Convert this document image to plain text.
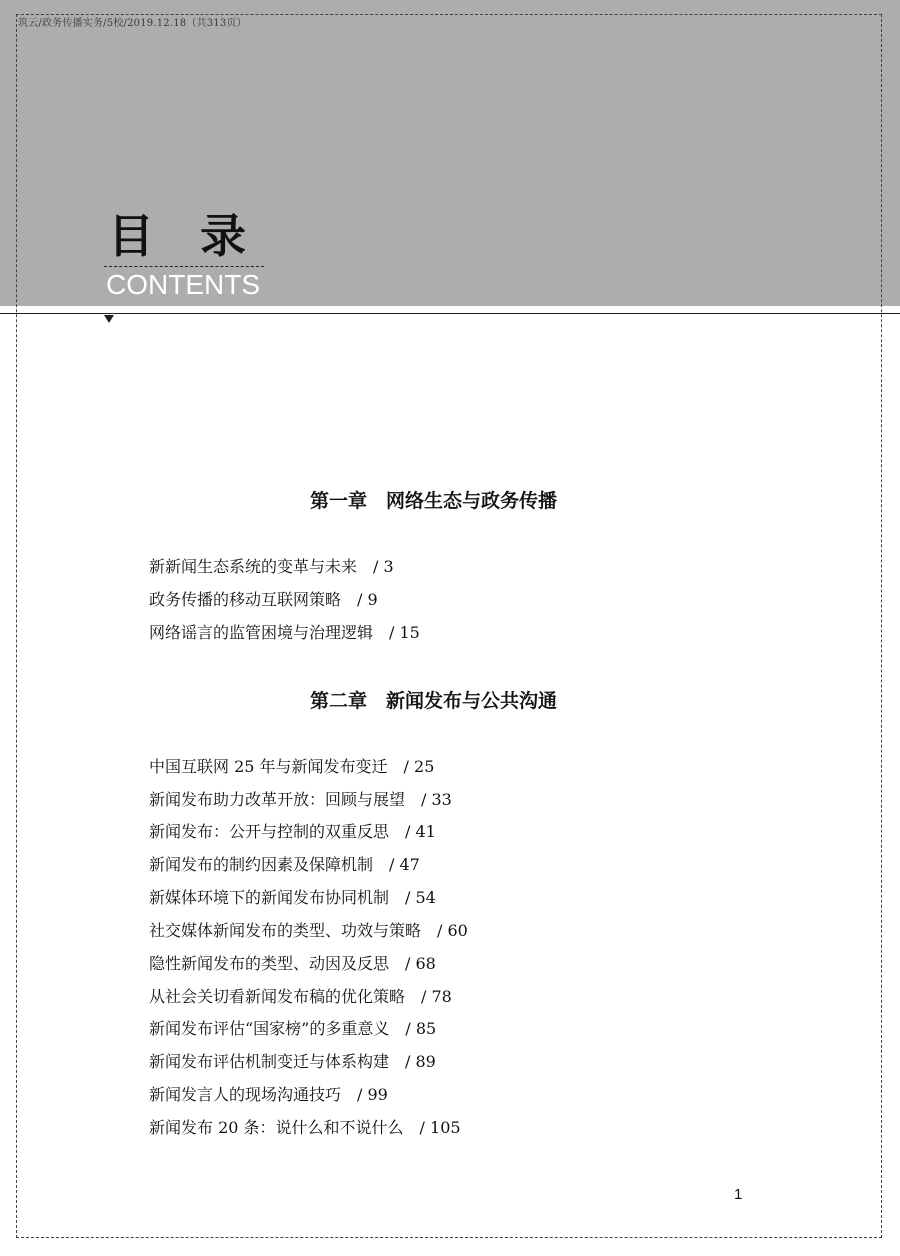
筑云/政务传播实务/5校/2019.12.18（共313页）
目录
CONTENTS
第一章　网络生态与政务传播
新新闻生态系统的变革与未来　/ 3
政务传播的移动互联网策略　/ 9
网络谣言的监管困境与治理逻辑　/ 15
第二章　新闻发布与公共沟通
中国互联网 25 年与新闻发布变迁　/ 25
新闻发布助力改革开放：回顾与展望　/ 33
新闻发布：公开与控制的双重反思　/ 41
新闻发布的制约因素及保障机制　/ 47
新媒体环境下的新闻发布协同机制　/ 54
社交媒体新闻发布的类型、功效与策略　/ 60
隐性新闻发布的类型、动因及反思　/ 68
从社会关切看新闻发布稿的优化策略　/ 78
新闻发布评估“国家榜”的多重意义　/ 85
新闻发布评估机制变迁与体系构建　/ 89
新闻发言人的现场沟通技巧　/ 99
新闻发布 20 条：说什么和不说什么　/ 105
1
